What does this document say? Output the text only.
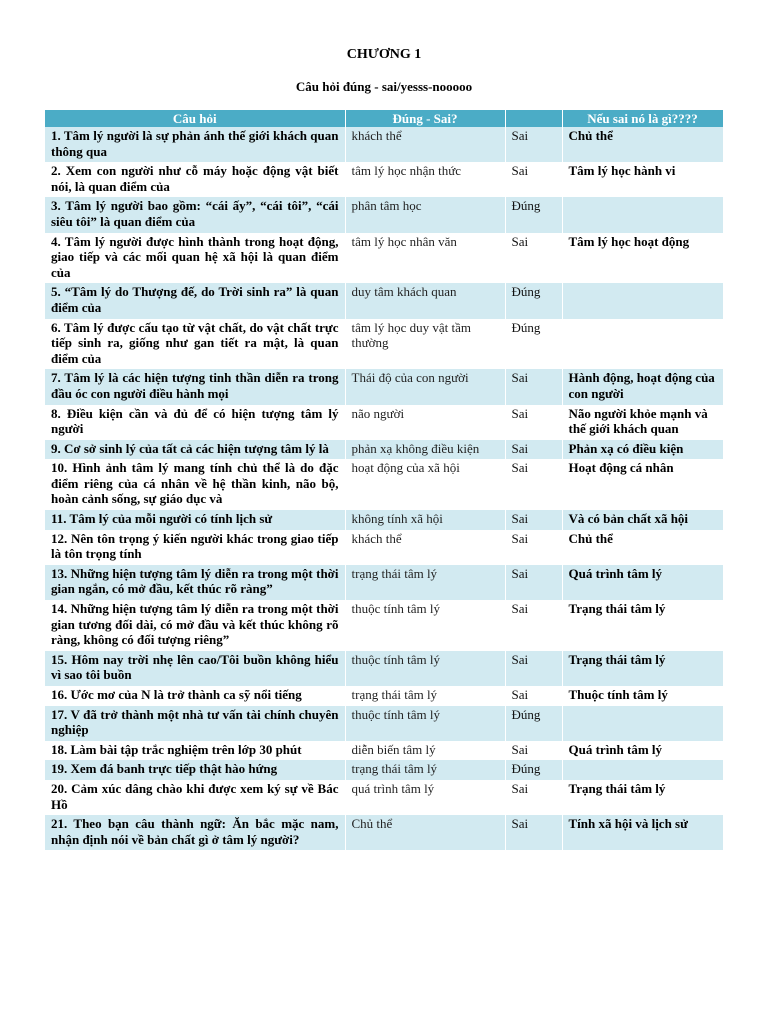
CHƯƠNG 1
Câu hỏi đúng - sai/yesss-nooooo
Câu hỏi	Đúng - Sai?		Nếu sai nó là gì????
1. Tâm lý người là sự phản ánh thế giới khách quan thông qua	khách thể	Sai	Chủ thể
2. Xem con người như cỗ máy hoặc động vật biết nói, là quan điểm của	tâm lý học nhận thức	Sai	Tâm lý học hành vi
3. Tâm lý người bao gồm: “cái ấy”, “cái tôi”, “cái siêu tôi” là quan điểm của	phân tâm học	Đúng	
4. Tâm lý người được hình thành trong hoạt động, giao tiếp và các mối quan hệ xã hội là quan điểm của	tâm lý học nhân văn	Sai	Tâm lý học hoạt động
5. “Tâm lý do Thượng đế, do Trời sinh ra” là quan điểm của	duy tâm khách quan	Đúng	
6. Tâm lý được cấu tạo từ vật chất, do vật chất trực tiếp sinh ra, giống như gan tiết ra mật, là quan điểm của	tâm lý học duy vật tầm thường	Đúng	
7. Tâm lý là các hiện tượng tinh thần diễn ra trong đầu óc con người điều hành mọi	Thái độ của con người	Sai	Hành động, hoạt động của con người
8. Điều kiện cần và đủ để có hiện tượng tâm lý người	não người	Sai	Não người khỏe mạnh và thế giới khách quan
9. Cơ sở sinh lý của tất cả các hiện tượng tâm lý là	phản xạ không điều kiện	Sai	Phản xạ có điều kiện
10. Hình ảnh tâm lý mang tính chủ thể là do đặc điểm riêng của cá nhân về hệ thần kinh, não bộ, hoàn cảnh sống, sự giáo dục và	hoạt động của xã hội	Sai	Hoạt động cá nhân
11. Tâm lý của mỗi người có tính lịch sử	không tính xã hội	Sai	Và có bản chất xã hội
12. Nên tôn trọng ý kiến người khác trong giao tiếp là tôn trọng tính	khách thể	Sai	Chủ thể
13. Những hiện tượng tâm lý diễn ra trong một thời gian ngắn, có mở đầu, kết thúc rõ ràng”	trạng thái tâm lý	Sai	Quá trình tâm lý
14. Những hiện tượng tâm lý diễn ra trong một thời gian tương đối dài, có mở đầu và kết thúc không rõ ràng, không có đối tượng riêng”	thuộc tính tâm lý	Sai	Trạng thái tâm lý
15. Hôm nay trời nhẹ lên cao/Tôi buồn không hiểu vì sao tôi buồn	thuộc tính tâm lý	Sai	Trạng thái tâm lý
16. Ước mơ của N là trở thành ca sỹ nổi tiếng	trạng thái tâm lý	Sai	Thuộc tính tâm lý
17. V đã trở thành một nhà tư vấn tài chính chuyên nghiệp	thuộc tính tâm lý	Đúng	
18. Làm bài tập trắc nghiệm trên lớp 30 phút	diễn biến tâm lý	Sai	Quá trình tâm lý
19. Xem đá banh trực tiếp thật hào hứng	trạng thái tâm lý	Đúng	
20. Cảm xúc dâng chào khi được xem ký sự về Bác Hồ	quá trình tâm lý	Sai	Trạng thái tâm lý
21. Theo bạn câu thành ngữ: Ăn bắc mặc nam, nhận định nói về bản chất gì ở tâm lý người?	Chủ thể	Sai	Tính xã hội và lịch sử
